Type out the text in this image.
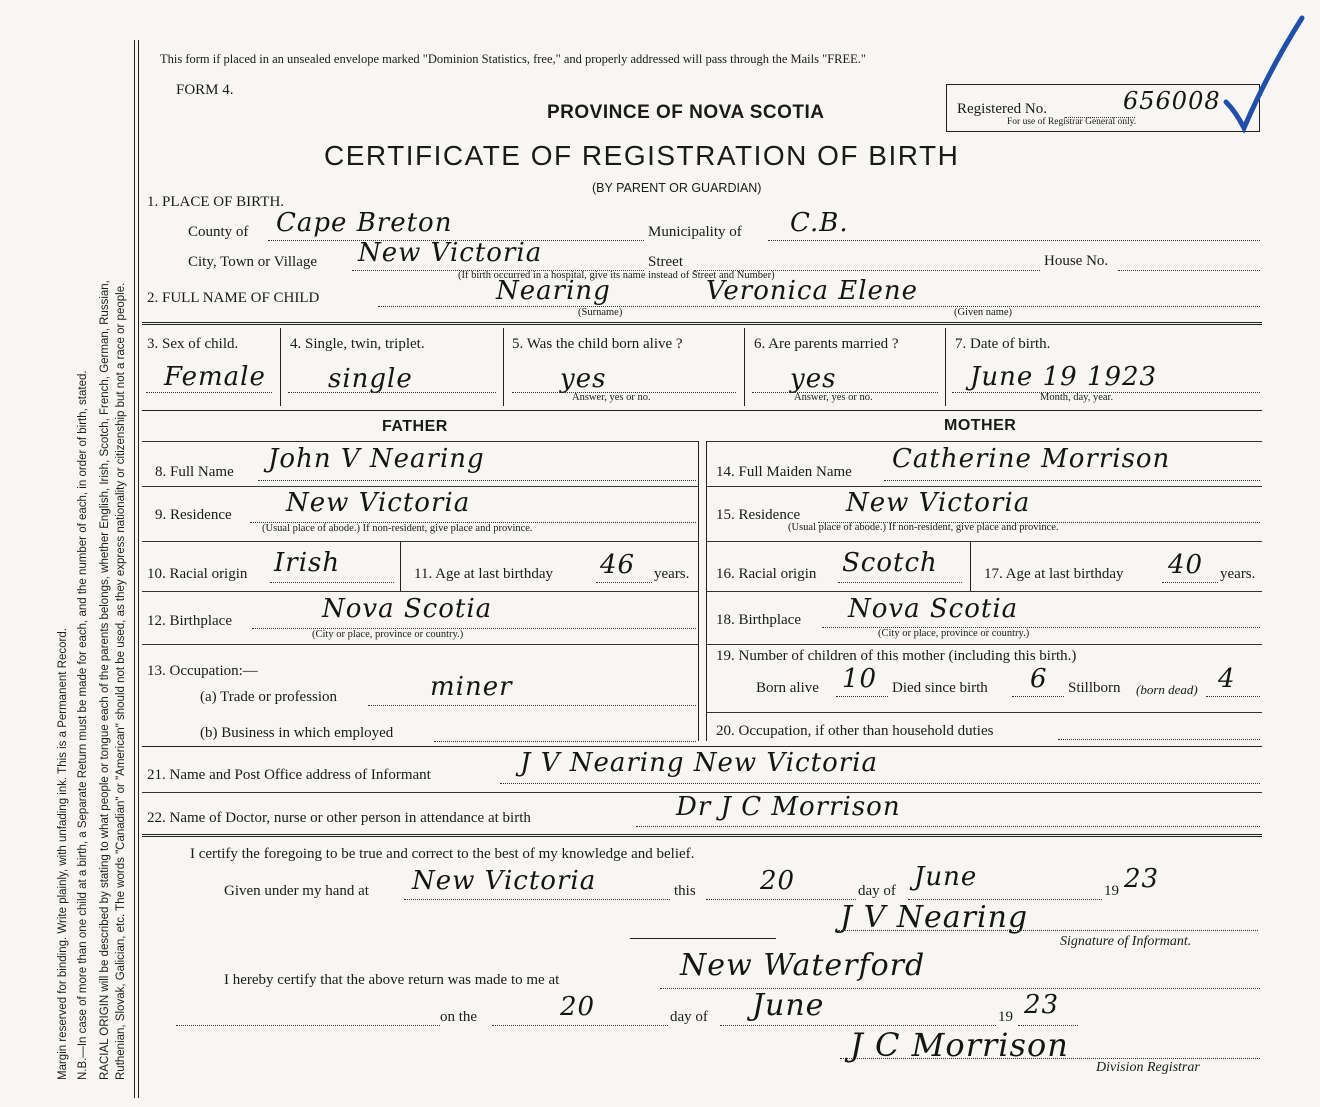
Margin reserved for binding. Write plainly, with unfading ink. This is a Permanent Record. N.B.—In case of more than one child at a birth, a Separate Return must be made for each, and the number of each, in order of birth, stated. RACIAL ORIGIN will be described by stating to what people or tongue each of the parents belongs, whether English, Irish, Scotch, French, German, Russian, Ruthenian, Slovak, Galician, etc. The words "Canadian" or "American" should not be used, as they express nationality or citizenship but not a race or people.
This form if placed in an unsealed envelope marked "Dominion Statistics, free," and properly addressed will pass through the Mails "FREE."
FORM 4.
PROVINCE OF NOVA SCOTIA
CERTIFICATE OF REGISTRATION OF BIRTH
(BY PARENT OR GUARDIAN)
Registered No.	656008
For use of Registrar General only.
1. PLACE OF BIRTH.
County of Cape Breton	Municipality of C.B.
City, Town or Village New Victoria	Street	House No.
(If birth occurred in a hospital, give its name instead of Street and Number)
2. FULL NAME OF CHILD	Nearing	Veronica Elene
(Surname)	(Given name)
3. Sex of child.
Female
4. Single, twin, triplet.
single
5. Was the child born alive ?
yes
Answer, yes or no.
6. Are parents married ?
yes
Answer, yes or no.
7. Date of birth.
June 19 1923
Month, day, year.
FATHER	MOTHER
8. Full Name John V Nearing
9. Residence New Victoria
(Usual place of abode.) If non-resident, give place and province.
10. Racial origin Irish	11. Age at last birthday 46 years.
12. Birthplace	Nova Scotia
(City or place, province or country.)
13. Occupation:—
(a) Trade or profession	miner
(b) Business in which employed
14. Full Maiden Name Catherine Morrison
15. Residence New Victoria
(Usual place of abode.) If non-resident, give place and province.
16. Racial origin Scotch	17. Age at last birthday 40 years.
18. Birthplace Nova Scotia
(City or place, province or country.)
19. Number of children of this mother (including this birth.)
Born alive 10 Died since birth 6 Stillborn (born dead) 4
20. Occupation, if other than household duties
21. Name and Post Office address of Informant	J V Nearing New Victoria
22. Name of Doctor, nurse or other person in attendance at birth	Dr J C Morrison
I certify the foregoing to be true and correct to the best of my knowledge and belief.
Given under my hand at New Victoria	this 20	day of June	19 23
J V Nearing
Signature of Informant.
I hereby certify that the above return was made to me at	New Waterford
on the	20	day of June	19 23
J C Morrison
Division Registrar
